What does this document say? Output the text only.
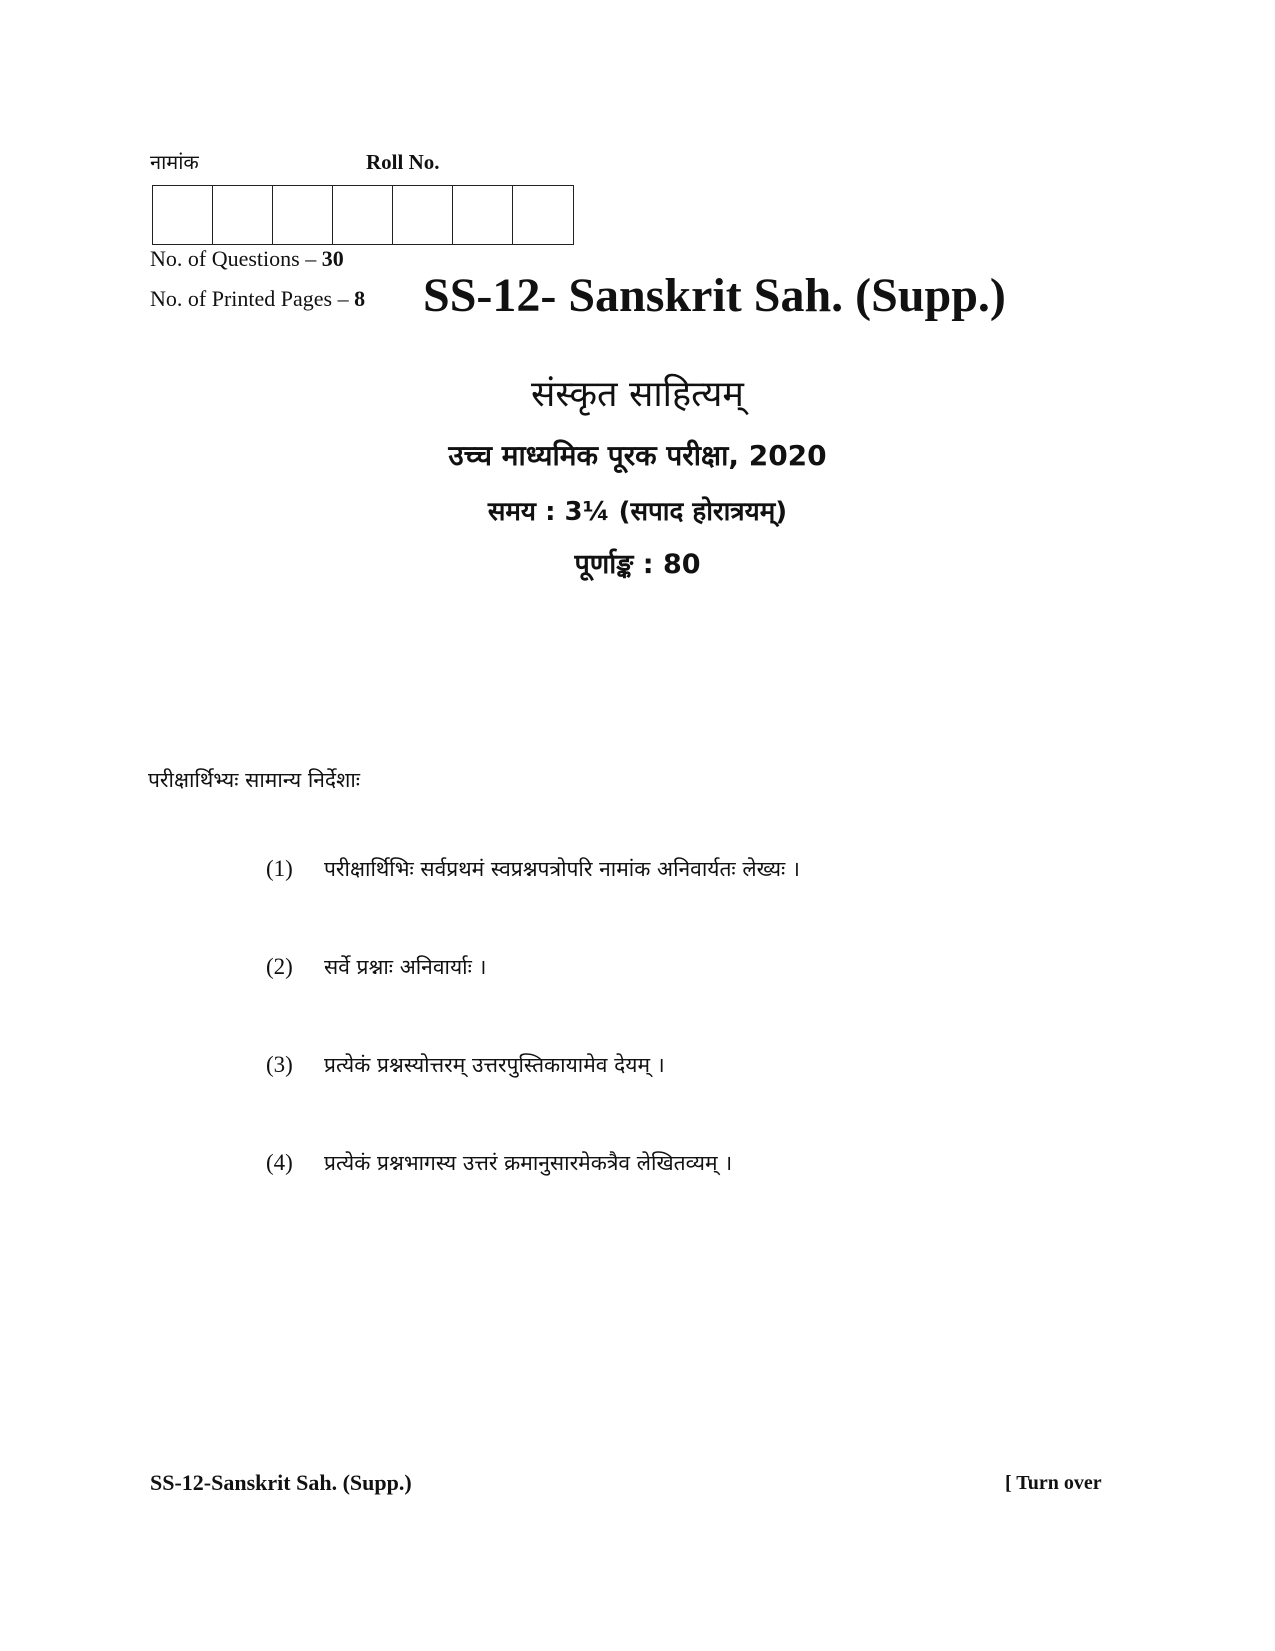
नामांक	Roll No.
No. of Questions – 30
No. of Printed Pages – 8 SS-12- Sanskrit Sah. (Supp.)
संस्कृत साहित्यम्
उच्च माध्यमिक पूरक परीक्षा, 2020
समय : 3¼ (सपाद होरात्रयम्)
पूर्णाङ्क : 80
परीक्षार्थिभ्यः सामान्य निर्देशाः
(1)	परीक्षार्थिभिः सर्वप्रथमं स्वप्रश्नपत्रोपरि नामांक अनिवार्यतः लेख्यः ।
(2)	सर्वे प्रश्नाः अनिवार्याः ।
(3)	प्रत्येकं प्रश्नस्योत्तरम् उत्तरपुस्तिकायामेव देयम् ।
(4)	प्रत्येकं प्रश्नभागस्य उत्तरं क्रमानुसारमेकत्रैव लेखितव्यम् ।
SS-12-Sanskrit Sah. (Supp.)	[ Turn over
